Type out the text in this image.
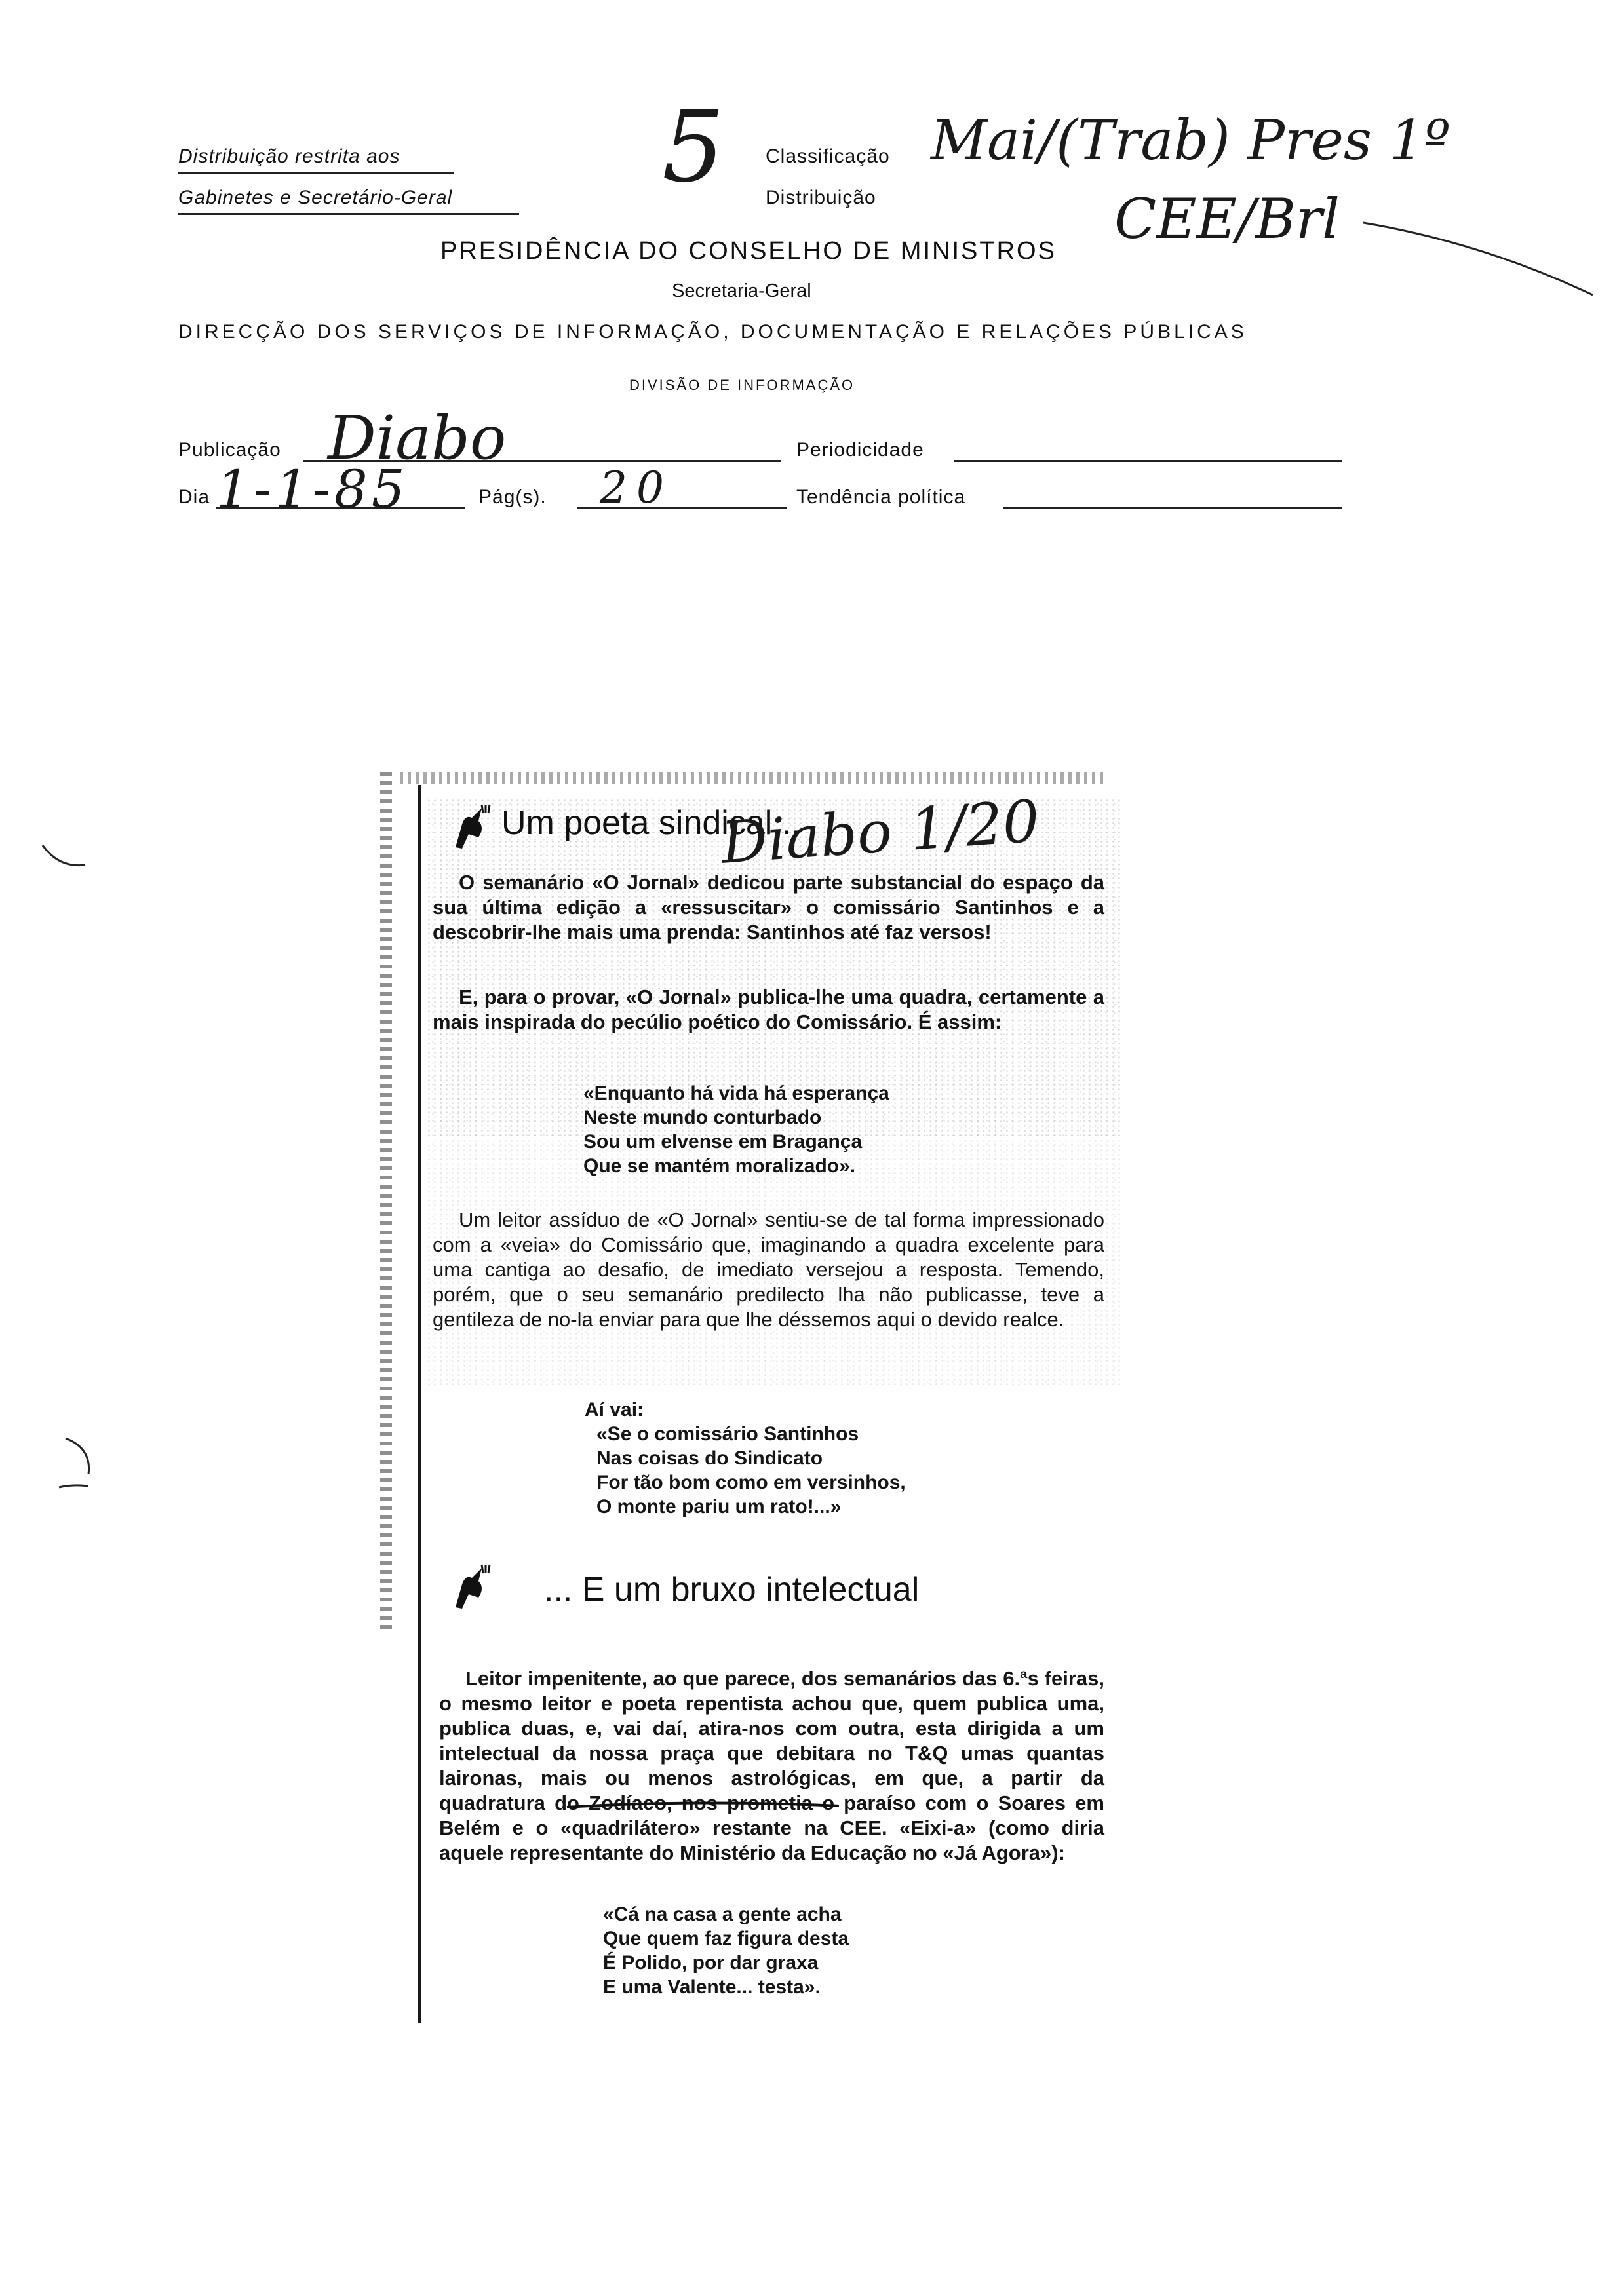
Distribuição restrita aos
Gabinetes e Secretário-Geral 5 Classificação
Distribuição
Mai/(Trab) Pres 1º
CEE/Brl
PRESIDÊNCIA DO CONSELHO DE MINISTROS
Secretaria-Geral
DIRECÇÃO DOS SERVIÇOS DE INFORMAÇÃO, DOCUMENTAÇÃO E RELAÇÕES PÚBLICAS
DIVISÃO DE INFORMAÇÃO
Publicação Diabo	Periodicidade
Dia 1-1-85	Pág(s). 20	Tendência política
Um poeta sindical...
Diabo 1/20

O semanário «O Jornal» dedicou parte substancial do espaço da sua última edição a «ressuscitar» o comissário Santinhos e a descobrir-lhe mais uma prenda: Santinhos até faz versos!

E, para o provar, «O Jornal» publica-lhe uma quadra, certamente a mais inspirada do pecúlio poético do Comissário. É assim:

«Enquanto há vida há esperança
Neste mundo conturbado
Sou um elvense em Bragança
Que se mantém moralizado».

Um leitor assíduo de «O Jornal» sentiu-se de tal forma impressionado com a «veia» do Comissário que, imaginando a quadra excelente para uma cantiga ao desafio, de imediato versejou a resposta. Temendo, porém, que o seu semanário predilecto lha não publicasse, teve a gentileza de no-la enviar para que lhe déssemos aqui o devido realce.

Aí vai:
«Se o comissário Santinhos
Nas coisas do Sindicato
For tão bom como em versinhos,
O monte pariu um rato!...»
... E um bruxo intelectual

Leitor impenitente, ao que parece, dos semanários das 6.ªs feiras, o mesmo leitor e poeta repentista achou que, quem publica uma, publica duas, e, vai daí, atira-nos com outra, esta dirigida a um intelectual da nossa praça que debitara no T&Q umas quantas laironas, mais ou menos astrológicas, em que, a partir da quadratura do Zodíaco, nos prometia o paraíso com o Soares em Belém e o «quadrilátero» restante na CEE. «Eixi-a» (como diria aquele representante do Ministério da Educação no «Já Agora»):

«Cá na casa a gente acha
Que quem faz figura desta
É Polido, por dar graxa
E uma Valente... testa».
